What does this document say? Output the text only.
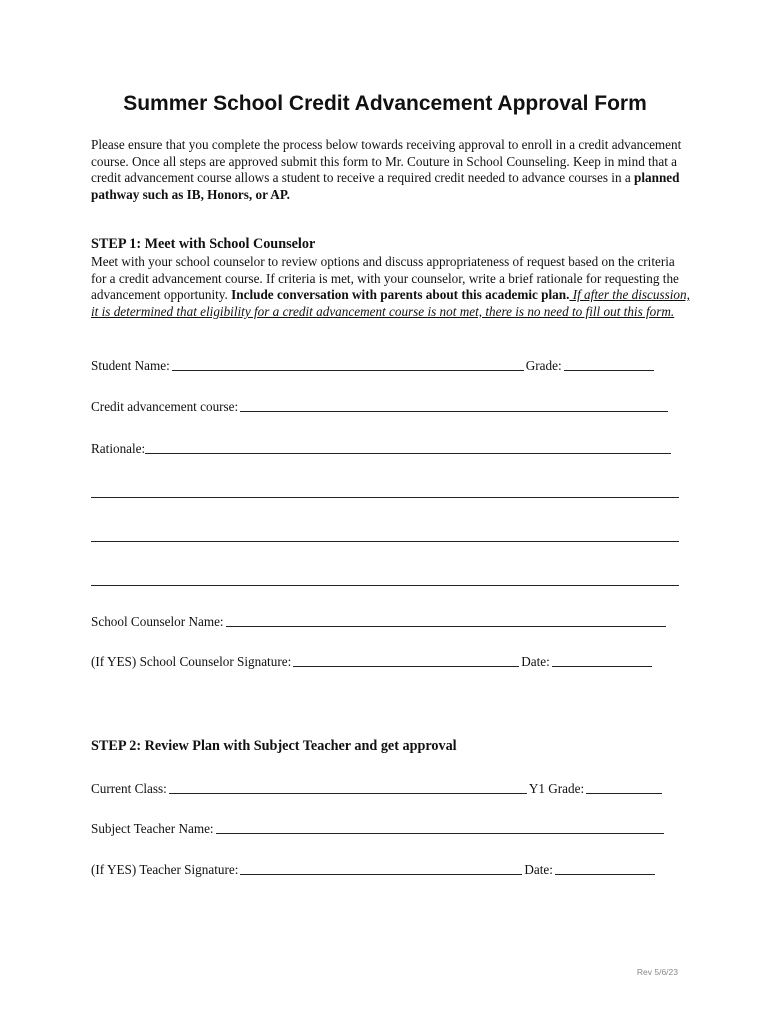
Summer School Credit Advancement Approval Form
Please ensure that you complete the process below towards receiving approval to enroll in a credit advancement course. Once all steps are approved submit this form to Mr. Couture in School Counseling. Keep in mind that a credit advancement course allows a student to receive a required credit needed to advance courses in a planned pathway such as IB, Honors, or AP.
STEP 1: Meet with School Counselor
Meet with your school counselor to review options and discuss appropriateness of request based on the criteria for a credit advancement course. If criteria is met, with your counselor, write a brief rationale for requesting the advancement opportunity. Include conversation with parents about this academic plan. If after the discussion, it is determined that eligibility for a credit advancement course is not met, there is no need to fill out this form.
Student Name:	Grade:
Credit advancement course:
Rationale:
School Counselor Name:
(If YES) School Counselor Signature:	Date:
STEP 2: Review Plan with Subject Teacher and get approval
Current Class:	Y1 Grade:
Subject Teacher Name:
(If YES) Teacher Signature:	Date:
Rev 5/6/23
